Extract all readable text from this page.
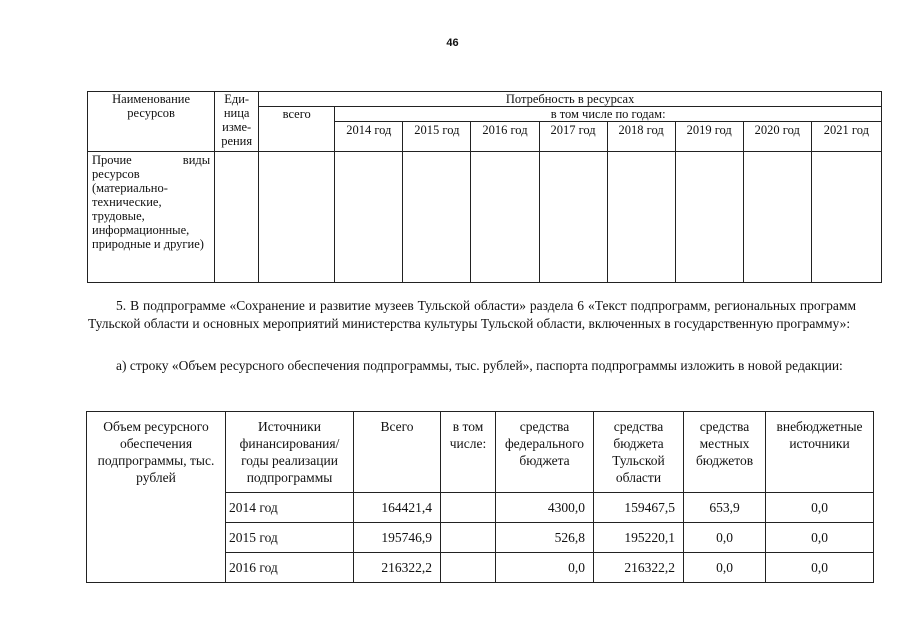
46
Наименование ресурсов	Еди-ница изме-рения	Потребность в ресурсах								
		всего	в том числе по годам:							
			2014 год	2015 год	2016 год	2017 год	2018 год	2019 год	2020 год	2021 год
Прочие виды ресурсов (материально-технические, трудовые, информационные, природные и другие)										
5. В подпрограмме «Сохранение и развитие музеев Тульской области» раздела 6 «Текст подпрограмм, региональных программ Тульской области и основных мероприятий министерства культуры Тульской области, включенных в государственную программу»:
а) строку «Объем ресурсного обеспечения подпрограммы, тыс. рублей», паспорта подпрограммы изложить в новой редакции:
Объем ресурсного обеспечения подпрограммы, тыс. рублей	Источники финансирования/ годы реализации подпрограммы	Всего	в том числе:	средства федерального бюджета	средства бюджета Тульской области	средства местных бюджетов	внебюджетные источники
	2014 год	164421,4		4300,0	159467,5	653,9	0,0
	2015 год	195746,9		526,8	195220,1	0,0	0,0
	2016 год	216322,2		0,0	216322,2	0,0	0,0
